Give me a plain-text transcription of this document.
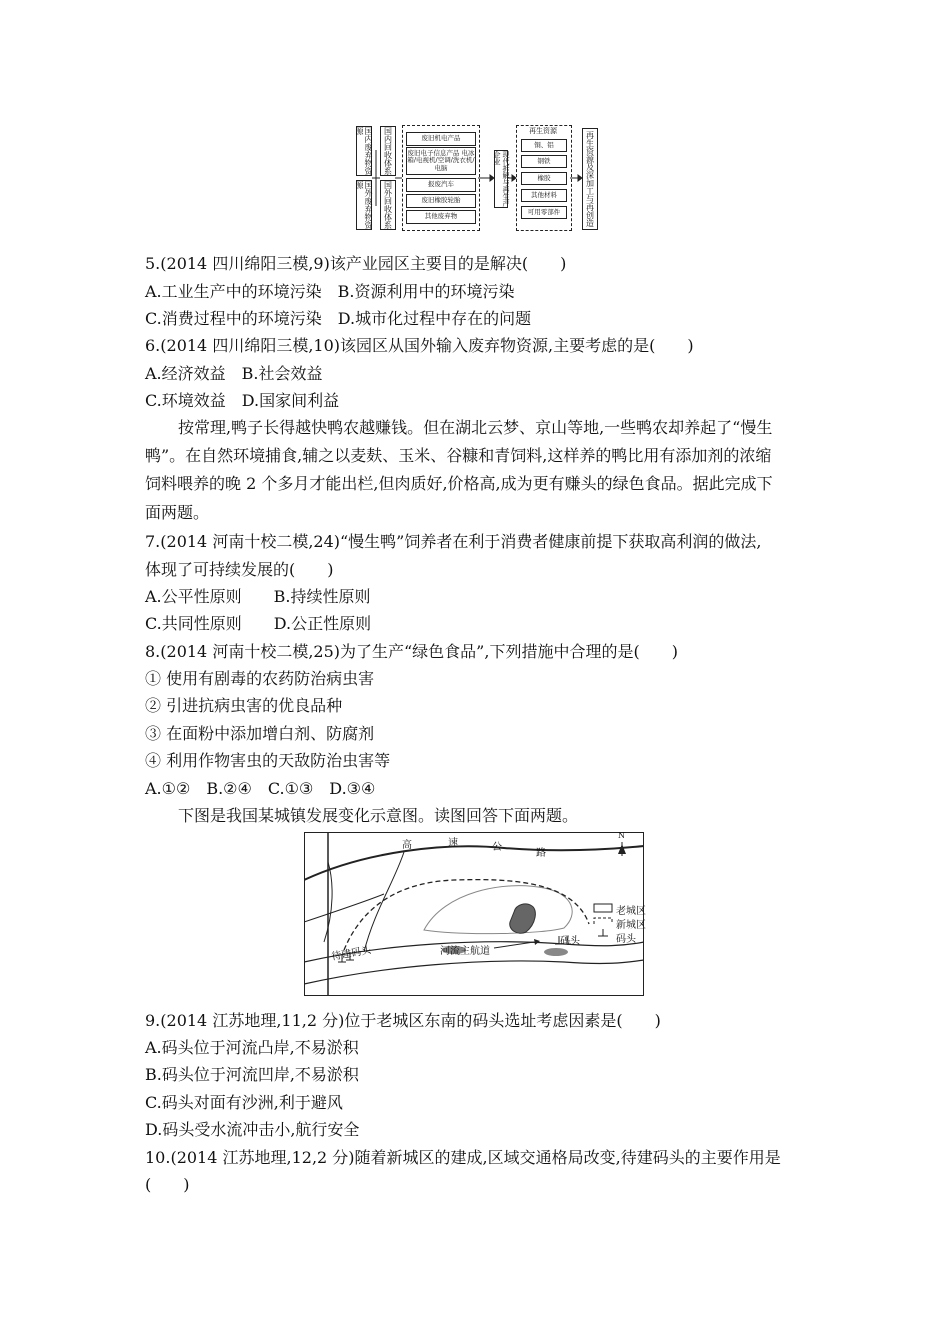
国内废弃物资源
国外废弃物资源
国内回收体系
国外回收体系
废旧机电产品
废旧电子信息产品 电冰箱/电视机/空调/洗衣机/电脑
报废汽车
废旧橡胶轮胎
其他废弃物
现代拆解与再生产企业
再生资源
铜、铝
钢铁
橡胶
其他材料
可用零部件	再生资源及深加工与再创造
5.(2014 四川绵阳三模,9)该产业园区主要目的是解决(　　)
A.工业生产中的环境污染　B.资源利用中的环境污染
C.消费过程中的环境污染　D.城市化过程中存在的问题
6.(2014 四川绵阳三模,10)该园区从国外输入废弃物资源,主要考虑的是(　　)
A.经济效益　B.社会效益
C.环境效益　D.国家间利益
按常理,鸭子长得越快鸭农越赚钱。但在湖北云梦、京山等地,一些鸭农却养起了“慢生
鸭”。在自然环境捕食,辅之以麦麸、玉米、谷糠和青饲料,这样养的鸭比用有添加剂的浓缩
饲料喂养的晚 2 个多月才能出栏,但肉质好,价格高,成为更有赚头的绿色食品。据此完成下
面两题。
7.(2014 河南十校二模,24)“慢生鸭”饲养者在利于消费者健康前提下获取高利润的做法,
体现了可持续发展的(　　)
A.公平性原则　　B.持续性原则
C.共同性原则　　D.公正性原则
8.(2014 河南十校二模,25)为了生产“绿色食品”,下列措施中合理的是(　　)
① 使用有剧毒的农药防治病虫害
② 引进抗病虫害的优良品种
③ 在面粉中添加增白剂、防腐剂
④ 利用作物害虫的天敌防治虫害等
A.①②　B.②④　C.①③　D.③④
下图是我国某城镇发展变化示意图。读图回答下面两题。
高	速	公
路
N
老城区
新城区
码头
河流主航道
码头
待建码头
9.(2014 江苏地理,11,2 分)位于老城区东南的码头选址考虑因素是(　　)
A.码头位于河流凸岸,不易淤积
B.码头位于河流凹岸,不易淤积
C.码头对面有沙洲,利于避风
D.码头受水流冲击小,航行安全
10.(2014 江苏地理,12,2 分)随着新城区的建成,区域交通格局改变,待建码头的主要作用是
(　　)
